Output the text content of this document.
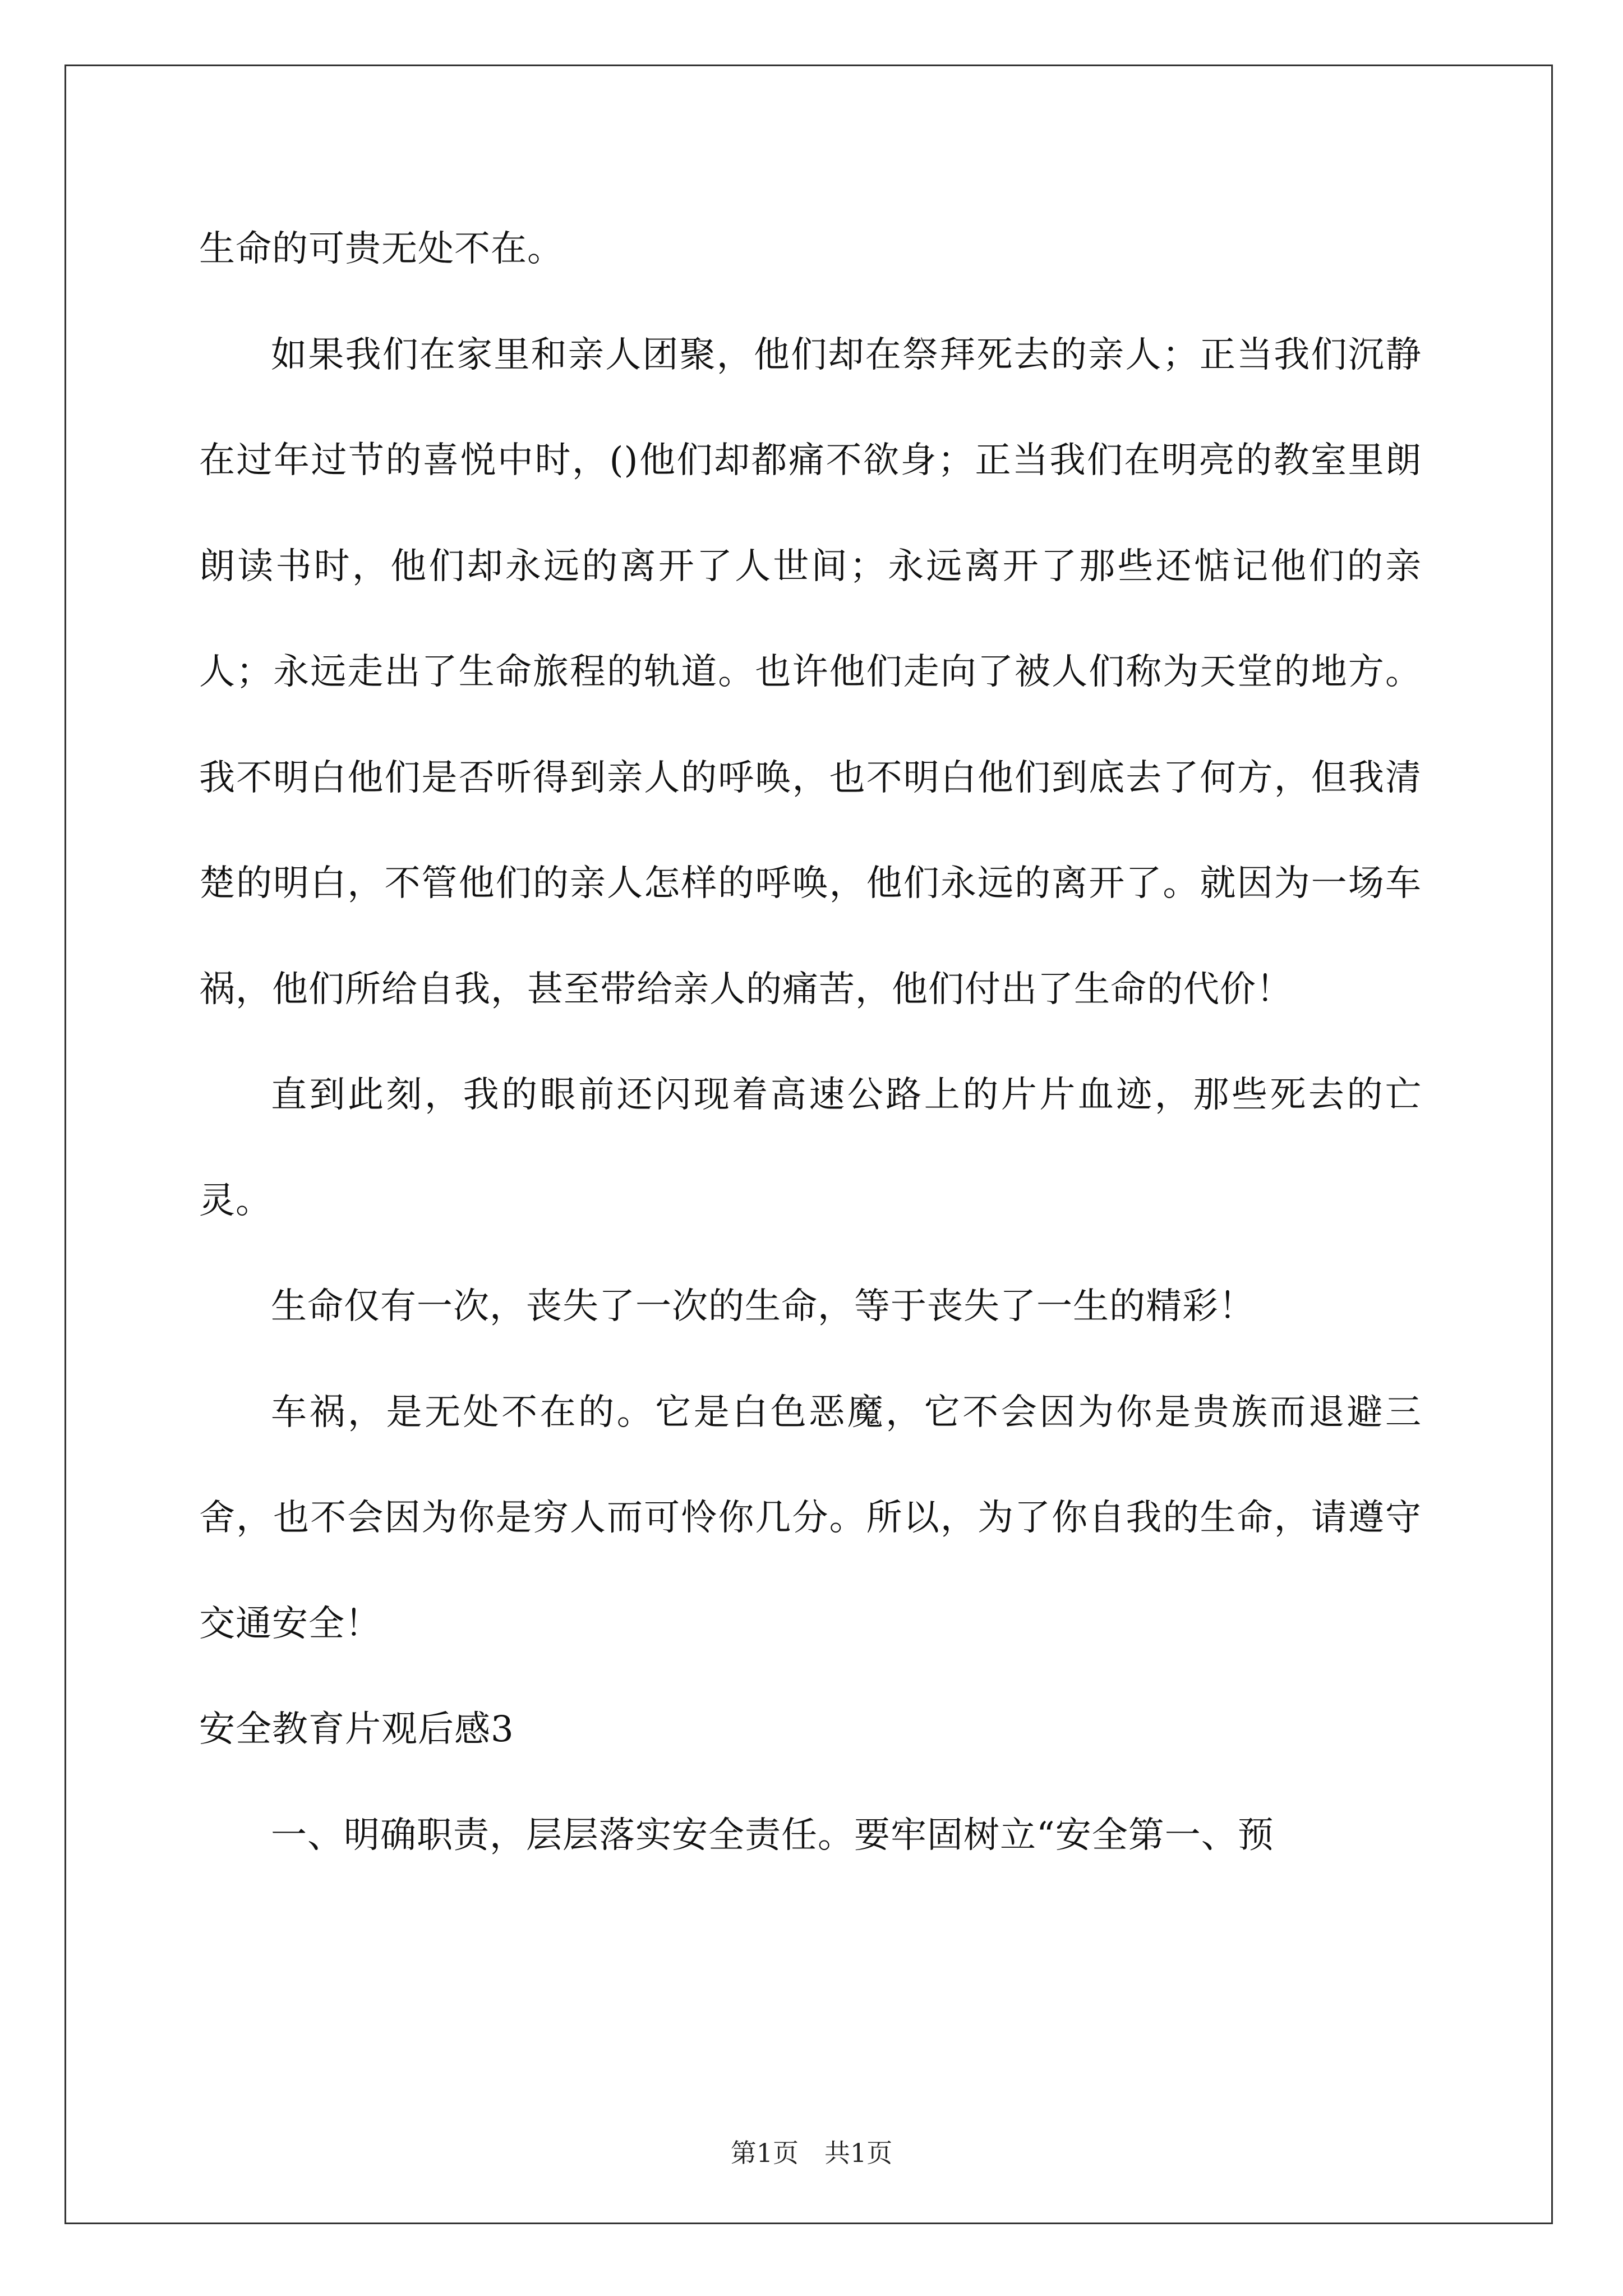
生命的可贵无处不在。

如果我们在家里和亲人团聚，他们却在祭拜死去的亲人；正当我们沉静在过年过节的喜悦中时，()他们却都痛不欲身；正当我们在明亮的教室里朗朗读书时，他们却永远的离开了人世间；永远离开了那些还惦记他们的亲人；永远走出了生命旅程的轨道。也许他们走向了被人们称为天堂的地方。我不明白他们是否听得到亲人的呼唤，也不明白他们到底去了何方，但我清楚的明白，不管他们的亲人怎样的呼唤，他们永远的离开了。就因为一场车祸，他们所给自我，甚至带给亲人的痛苦，他们付出了生命的代价！

直到此刻，我的眼前还闪现着高速公路上的片片血迹，那些死去的亡灵。

生命仅有一次，丧失了一次的生命，等于丧失了一生的精彩！

车祸，是无处不在的。它是白色恶魔，它不会因为你是贵族而退避三舍，也不会因为你是穷人而可怜你几分。所以，为了你自我的生命，请遵守交通安全！

安全教育片观后感3

一、明确职责，层层落实安全责任。要牢固树立“安全第一、预

第1页　共1页
